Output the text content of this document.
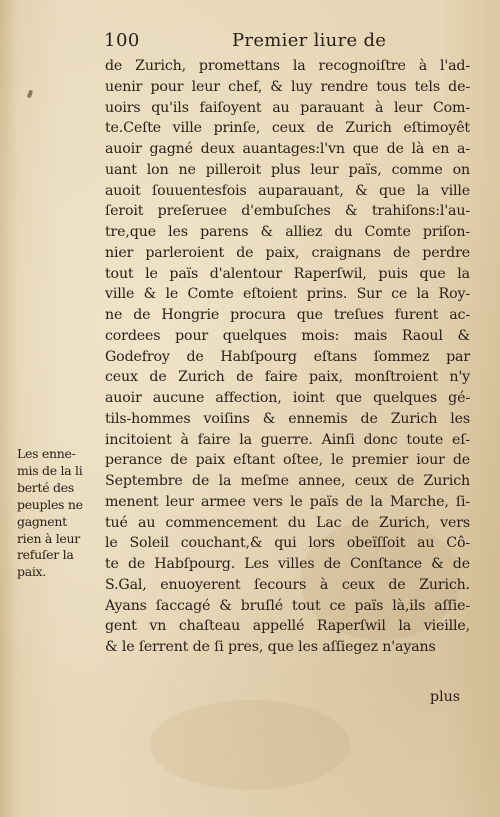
100	Premier liure de
de Zurich, promettans la recognoiſtre à l'ad-
uenir pour leur chef, & luy rendre tous tels de-
uoirs qu'ils faiſoyent au parauant à leur Com-
te.Ceſte ville prinſe, ceux de Zurich eſtimoyêt
auoir gagné deux auantages:l'vn que de là en a-
uant lon ne pilleroit plus leur païs, comme on
auoit ſouuentesfois auparauant, & que la ville
ſeroit preſeruee d'embuſches & trahiſons:l'au-
tre,que les parens & alliez du Comte priſon-
nier parleroient de paix, craignans de perdre
tout le païs d'alentour Raperſwil, puis que la
ville & le Comte eſtoient prins. Sur ce la Roy-
ne de Hongrie procura que treſues furent ac-
cordees pour quelques mois: mais Raoul &
Godefroy de Habſpourg eſtans ſommez par
ceux de Zurich de faire paix, monſtroient n'y
auoir aucune affection, ioint que quelques gé-
tils-hommes voiſins & ennemis de Zurich les
incitoient à faire la guerre. Ainſi donc toute eſ-
perance de paix eſtant oſtee, le premier iour de
Septembre de la meſme annee, ceux de Zurich
menent leur armee vers le païs de la Marche, ſi-
tué au commencement du Lac de Zurich, vers
le Soleil couchant,& qui lors obeïſſoit au Cô-
te de Habſpourg. Les villes de Conſtance & de
S.Gal, enuoyerent ſecours à ceux de Zurich.
Ayans ſaccagé & bruſlé tout ce païs là,ils aſſie-
gent vn chaſteau appellé Raperſwil la vieille,
& le ſerrent de ſi pres, que les aſſiegez n'ayans
plus
Les enne-
mis de la li
berté des
peuples ne
gagnent
rien à leur
refuſer la
paix.
